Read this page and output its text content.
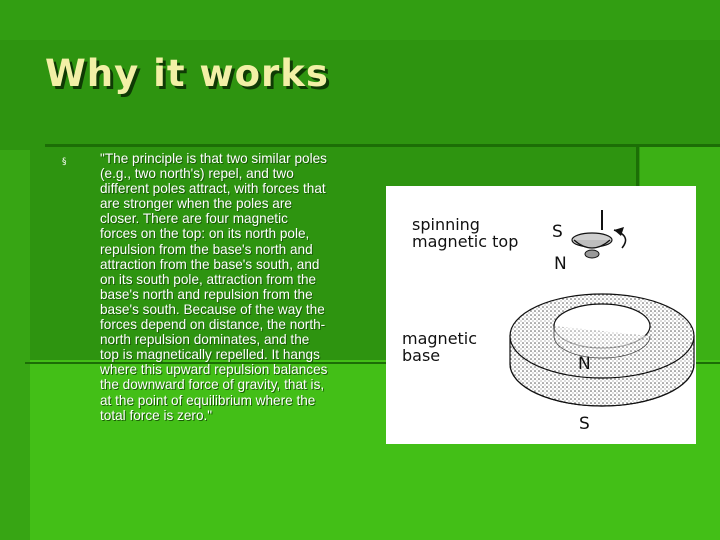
Why it works
§ "The principle is that two similar poles
(e.g., two north's) repel, and two
different poles attract, with forces that
are stronger when the poles are
closer. There are four magnetic
forces on the top: on its north pole,
repulsion from the base's north and
attraction from the base's south, and
on its south pole, attraction from the
base's north and repulsion from the
base's south. Because of the way the
forces depend on distance, the north-
north repulsion dominates, and the
top is magnetically repelled. It hangs
where this upward repulsion balances
the downward force of gravity, that is,
at the point of equilibrium where the
total force is zero."
spinning
magnetic top S
N
magnetic
base	N
S
